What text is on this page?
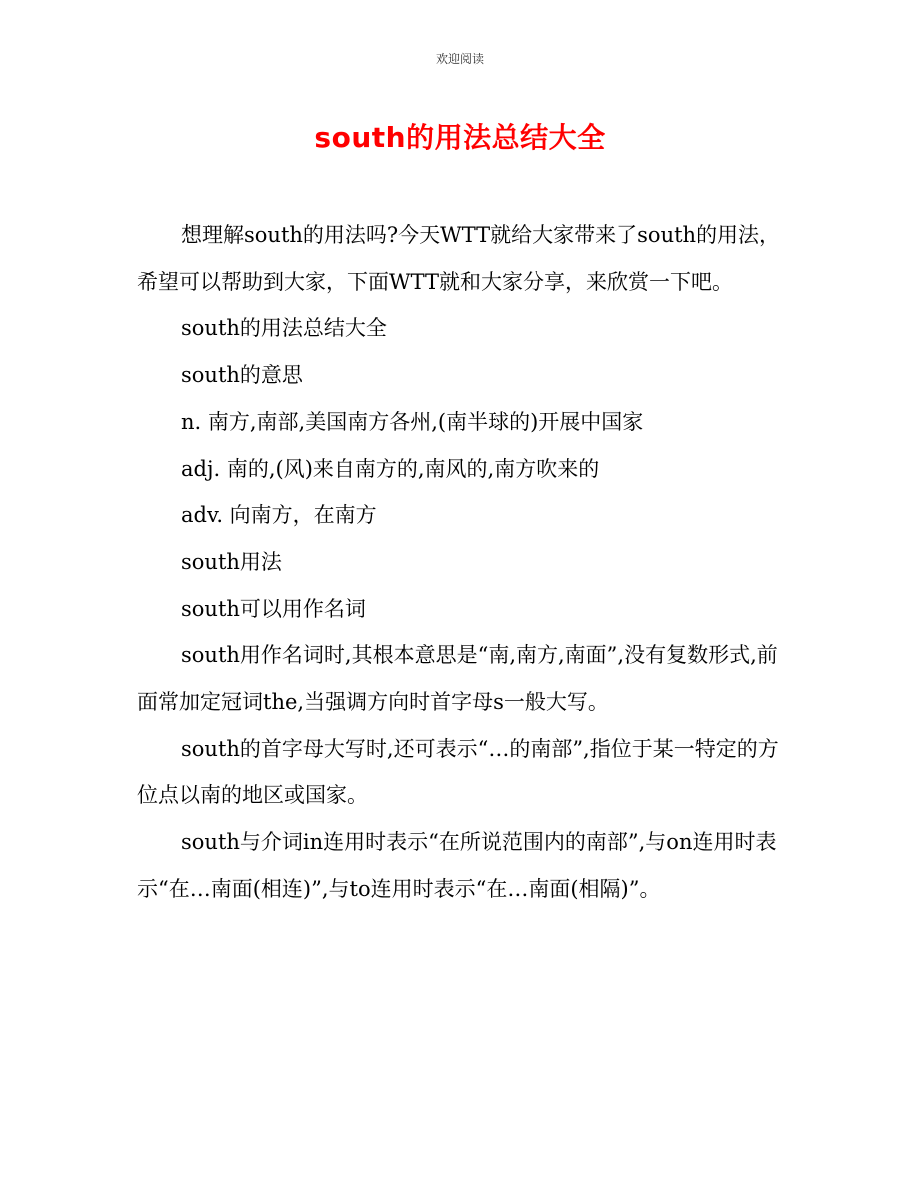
欢迎阅读
south的用法总结大全

想理解south的用法吗?今天WTT就给大家带来了south的用法，希望可以帮助到大家，下面WTT就和大家分享，来欣赏一下吧。

south的用法总结大全

south的意思

n. 南方,南部,美国南方各州,(南半球的)开展中国家

adj. 南的,(风)来自南方的,南风的,南方吹来的

adv. 向南方，在南方

south用法

south可以用作名词

south用作名词时,其根本意思是“南,南方,南面”,没有复数形式,前面常加定冠词the,当强调方向时首字母s一般大写。

south的首字母大写时,还可表示“…的南部”,指位于某一特定的方位点以南的地区或国家。

south与介词in连用时表示“在所说范围内的南部”,与on连用时表示“在…南面(相连)”,与to连用时表示“在…南面(相隔)”。
